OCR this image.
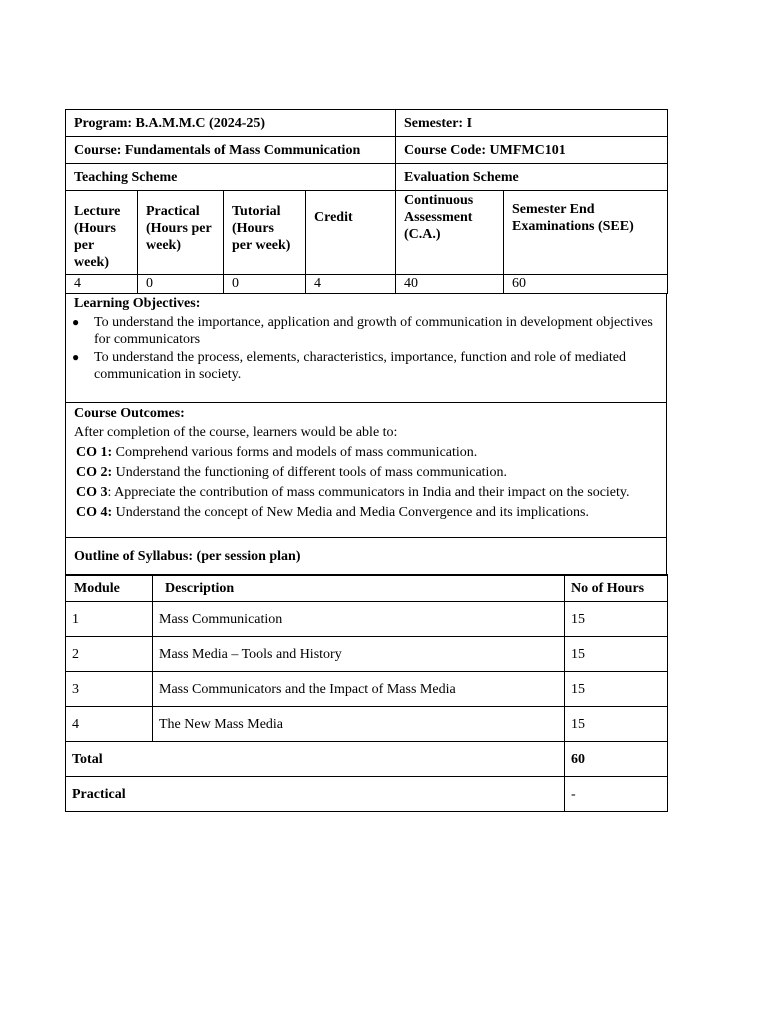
Program: B.A.M.M.C (2024-25)	Semester: I
Course: Fundamentals of Mass Communication	Course Code: UMFMC101
Teaching Scheme	Evaluation Scheme
Lecture (Hours per week)	Practical (Hours per week)	Tutorial (Hours per week)	Credit	Continuous Assessment (C.A.)	Semester End Examinations (SEE)
4	0	0	4	40	60
Learning Objectives:
● To understand the importance, application and growth of communication in development objectives for communicators
● To understand the process, elements, characteristics, importance, function and role of mediated communication in society.
Course Outcomes:
After completion of the course, learners would be able to:
CO 1: Comprehend various forms and models of mass communication.
CO 2: Understand the functioning of different tools of mass communication.
CO 3: Appreciate the contribution of mass communicators in India and their impact on the society.
CO 4: Understand the concept of New Media and Media Convergence and its implications.
Outline of Syllabus: (per session plan)
Module	Description	No of Hours
1	Mass Communication	15
2	Mass Media – Tools and History	15
3	Mass Communicators and the Impact of Mass Media	15
4	The New Mass Media	15
Total		60
Practical		-
